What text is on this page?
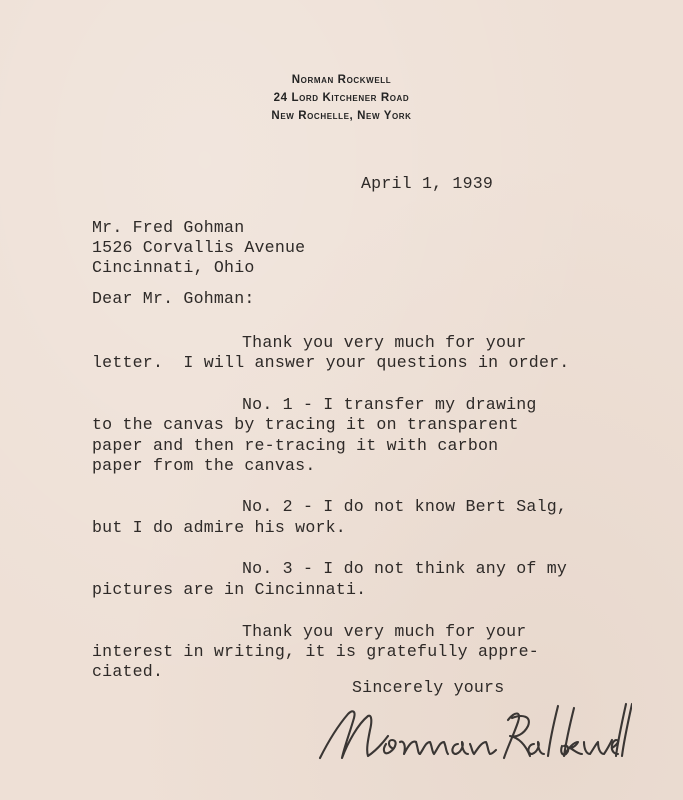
Norman Rockwell
24 Lord Kitchener Road
New Rochelle, New York
April 1, 1939
Mr. Fred Gohman
1526 Corvallis Avenue
Cincinnati, Ohio
Dear Mr. Gohman:
Thank you very much for your
letter.  I will answer your questions in order.
No. 1 - I transfer my drawing
to the canvas by tracing it on transparent
paper and then re-tracing it with carbon
paper from the canvas.
No. 2 - I do not know Bert Salg,
but I do admire his work.
No. 3 - I do not think any of my
pictures are in Cincinnati.
Thank you very much for your
interest in writing, it is gratefully appre-
ciated.
Sincerely yours
